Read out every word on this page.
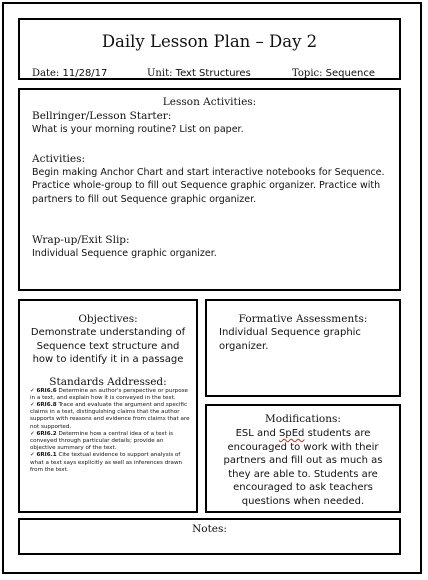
Daily Lesson Plan – Day 2
Date: 11/28/17	Unit: Text Structures	Topic: Sequence
Lesson Activities:
Bellringer/Lesson Starter:
What is your morning routine? List on paper.
Activities:
Begin making Anchor Chart and start interactive notebooks for Sequence. Practice whole-group to fill out Sequence graphic organizer. Practice with partners to fill out Sequence graphic organizer.
Wrap-up/Exit Slip:
Individual Sequence graphic organizer.
Objectives:
Demonstrate understanding of Sequence text structure and how to identify it in a passage
Standards Addressed:
✓ 6RI6.6 Determine an author's perspective or purpose in a text, and explain how it is conveyed in the text.
✓ 6RI6.8 Trace and evaluate the argument and specific claims in a text, distinguishing claims that the author supports with reasons and evidence from claims that are not supported.
✓ 6RI6.2 Determine how a central idea of a text is conveyed through particular details; provide an objective summary of the text.
✓ 6RI6.1 Cite textual evidence to support analysis of what a text says explicitly as well as inferences drawn from the text.
Formative Assessments:
Individual Sequence graphic organizer.
Modifications:
ESL and SpEd students are encouraged to work with their partners and fill out as much as they are able to. Students are encouraged to ask teachers questions when needed.
Notes:
